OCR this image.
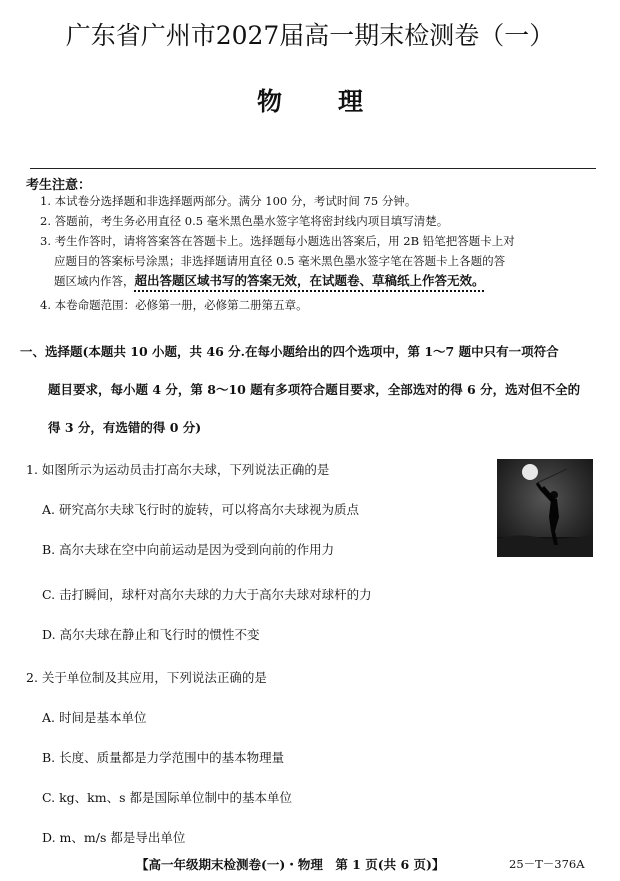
广东省广州市2027届高一期末检测卷（一）
物 理
考生注意：
1. 本试卷分选择题和非选择题两部分。满分 100 分，考试时间 75 分钟。
2. 答题前，考生务必用直径 0.5 毫米黑色墨水签字笔将密封线内项目填写清楚。
3. 考生作答时，请将答案答在答题卡上。选择题每小题选出答案后，用 2B 铅笔把答题卡上对
应题目的答案标号涂黑；非选择题请用直径 0.5 毫米黑色墨水签字笔在答题卡上各题的答
题区域内作答，超出答题区域书写的答案无效，在试题卷、草稿纸上作答无效。
4. 本卷命题范围：必修第一册，必修第二册第五章。
一、选择题(本题共 10 小题，共 46 分.在每小题给出的四个选项中，第 1～7 题中只有一项符合
题目要求，每小题 4 分，第 8～10 题有多项符合题目要求，全部选对的得 6 分，选对但不全的
得 3 分，有选错的得 0 分)
1. 如图所示为运动员击打高尔夫球，下列说法正确的是
A. 研究高尔夫球飞行时的旋转，可以将高尔夫球视为质点
B. 高尔夫球在空中向前运动是因为受到向前的作用力
C. 击打瞬间，球杆对高尔夫球的力大于高尔夫球对球杆的力
D. 高尔夫球在静止和飞行时的惯性不变
2. 关于单位制及其应用，下列说法正确的是
A. 时间是基本单位
B. 长度、质量都是力学范围中的基本物理量
C. kg、km、s 都是国际单位制中的基本单位
D. m、m/s 都是导出单位
【高一年级期末检测卷(一)・物理　第 1 页(共 6 页)】	25－T－376A
